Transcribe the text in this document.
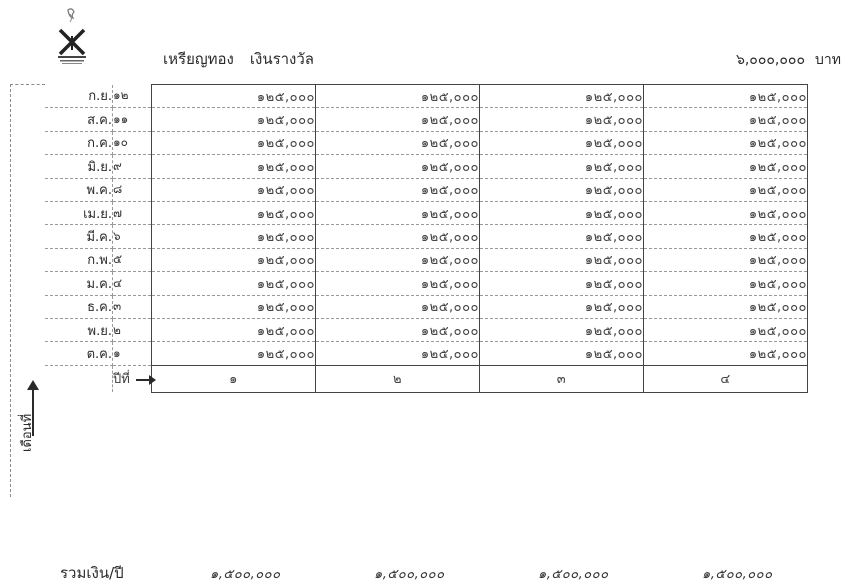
เหรียญทอง เงินรางวัล	๖,๐๐๐,๐๐๐ บาท
เดือนที่
ก.ย.	๑๒	๑๒๕,๐๐๐	๑๒๕,๐๐๐	๑๒๕,๐๐๐	๑๒๕,๐๐๐
ส.ค.	๑๑	๑๒๕,๐๐๐	๑๒๕,๐๐๐	๑๒๕,๐๐๐	๑๒๕,๐๐๐
ก.ค.	๑๐	๑๒๕,๐๐๐	๑๒๕,๐๐๐	๑๒๕,๐๐๐	๑๒๕,๐๐๐
มิ.ย.	๙	๑๒๕,๐๐๐	๑๒๕,๐๐๐	๑๒๕,๐๐๐	๑๒๕,๐๐๐
พ.ค.	๘	๑๒๕,๐๐๐	๑๒๕,๐๐๐	๑๒๕,๐๐๐	๑๒๕,๐๐๐
เม.ย.	๗	๑๒๕,๐๐๐	๑๒๕,๐๐๐	๑๒๕,๐๐๐	๑๒๕,๐๐๐
มี.ค.	๖	๑๒๕,๐๐๐	๑๒๕,๐๐๐	๑๒๕,๐๐๐	๑๒๕,๐๐๐
ก.พ.	๕	๑๒๕,๐๐๐	๑๒๕,๐๐๐	๑๒๕,๐๐๐	๑๒๕,๐๐๐
ม.ค.	๔	๑๒๕,๐๐๐	๑๒๕,๐๐๐	๑๒๕,๐๐๐	๑๒๕,๐๐๐
ธ.ค.	๓	๑๒๕,๐๐๐	๑๒๕,๐๐๐	๑๒๕,๐๐๐	๑๒๕,๐๐๐
พ.ย.	๒	๑๒๕,๐๐๐	๑๒๕,๐๐๐	๑๒๕,๐๐๐	๑๒๕,๐๐๐
ต.ค.	๑	๑๒๕,๐๐๐	๑๒๕,๐๐๐	๑๒๕,๐๐๐	๑๒๕,๐๐๐
	ปีที่	๑	๒	๓	๔
รวมเงิน/ปี	๑,๕๐๐,๐๐๐	๑,๕๐๐,๐๐๐	๑,๕๐๐,๐๐๐	๑,๕๐๐,๐๐๐
